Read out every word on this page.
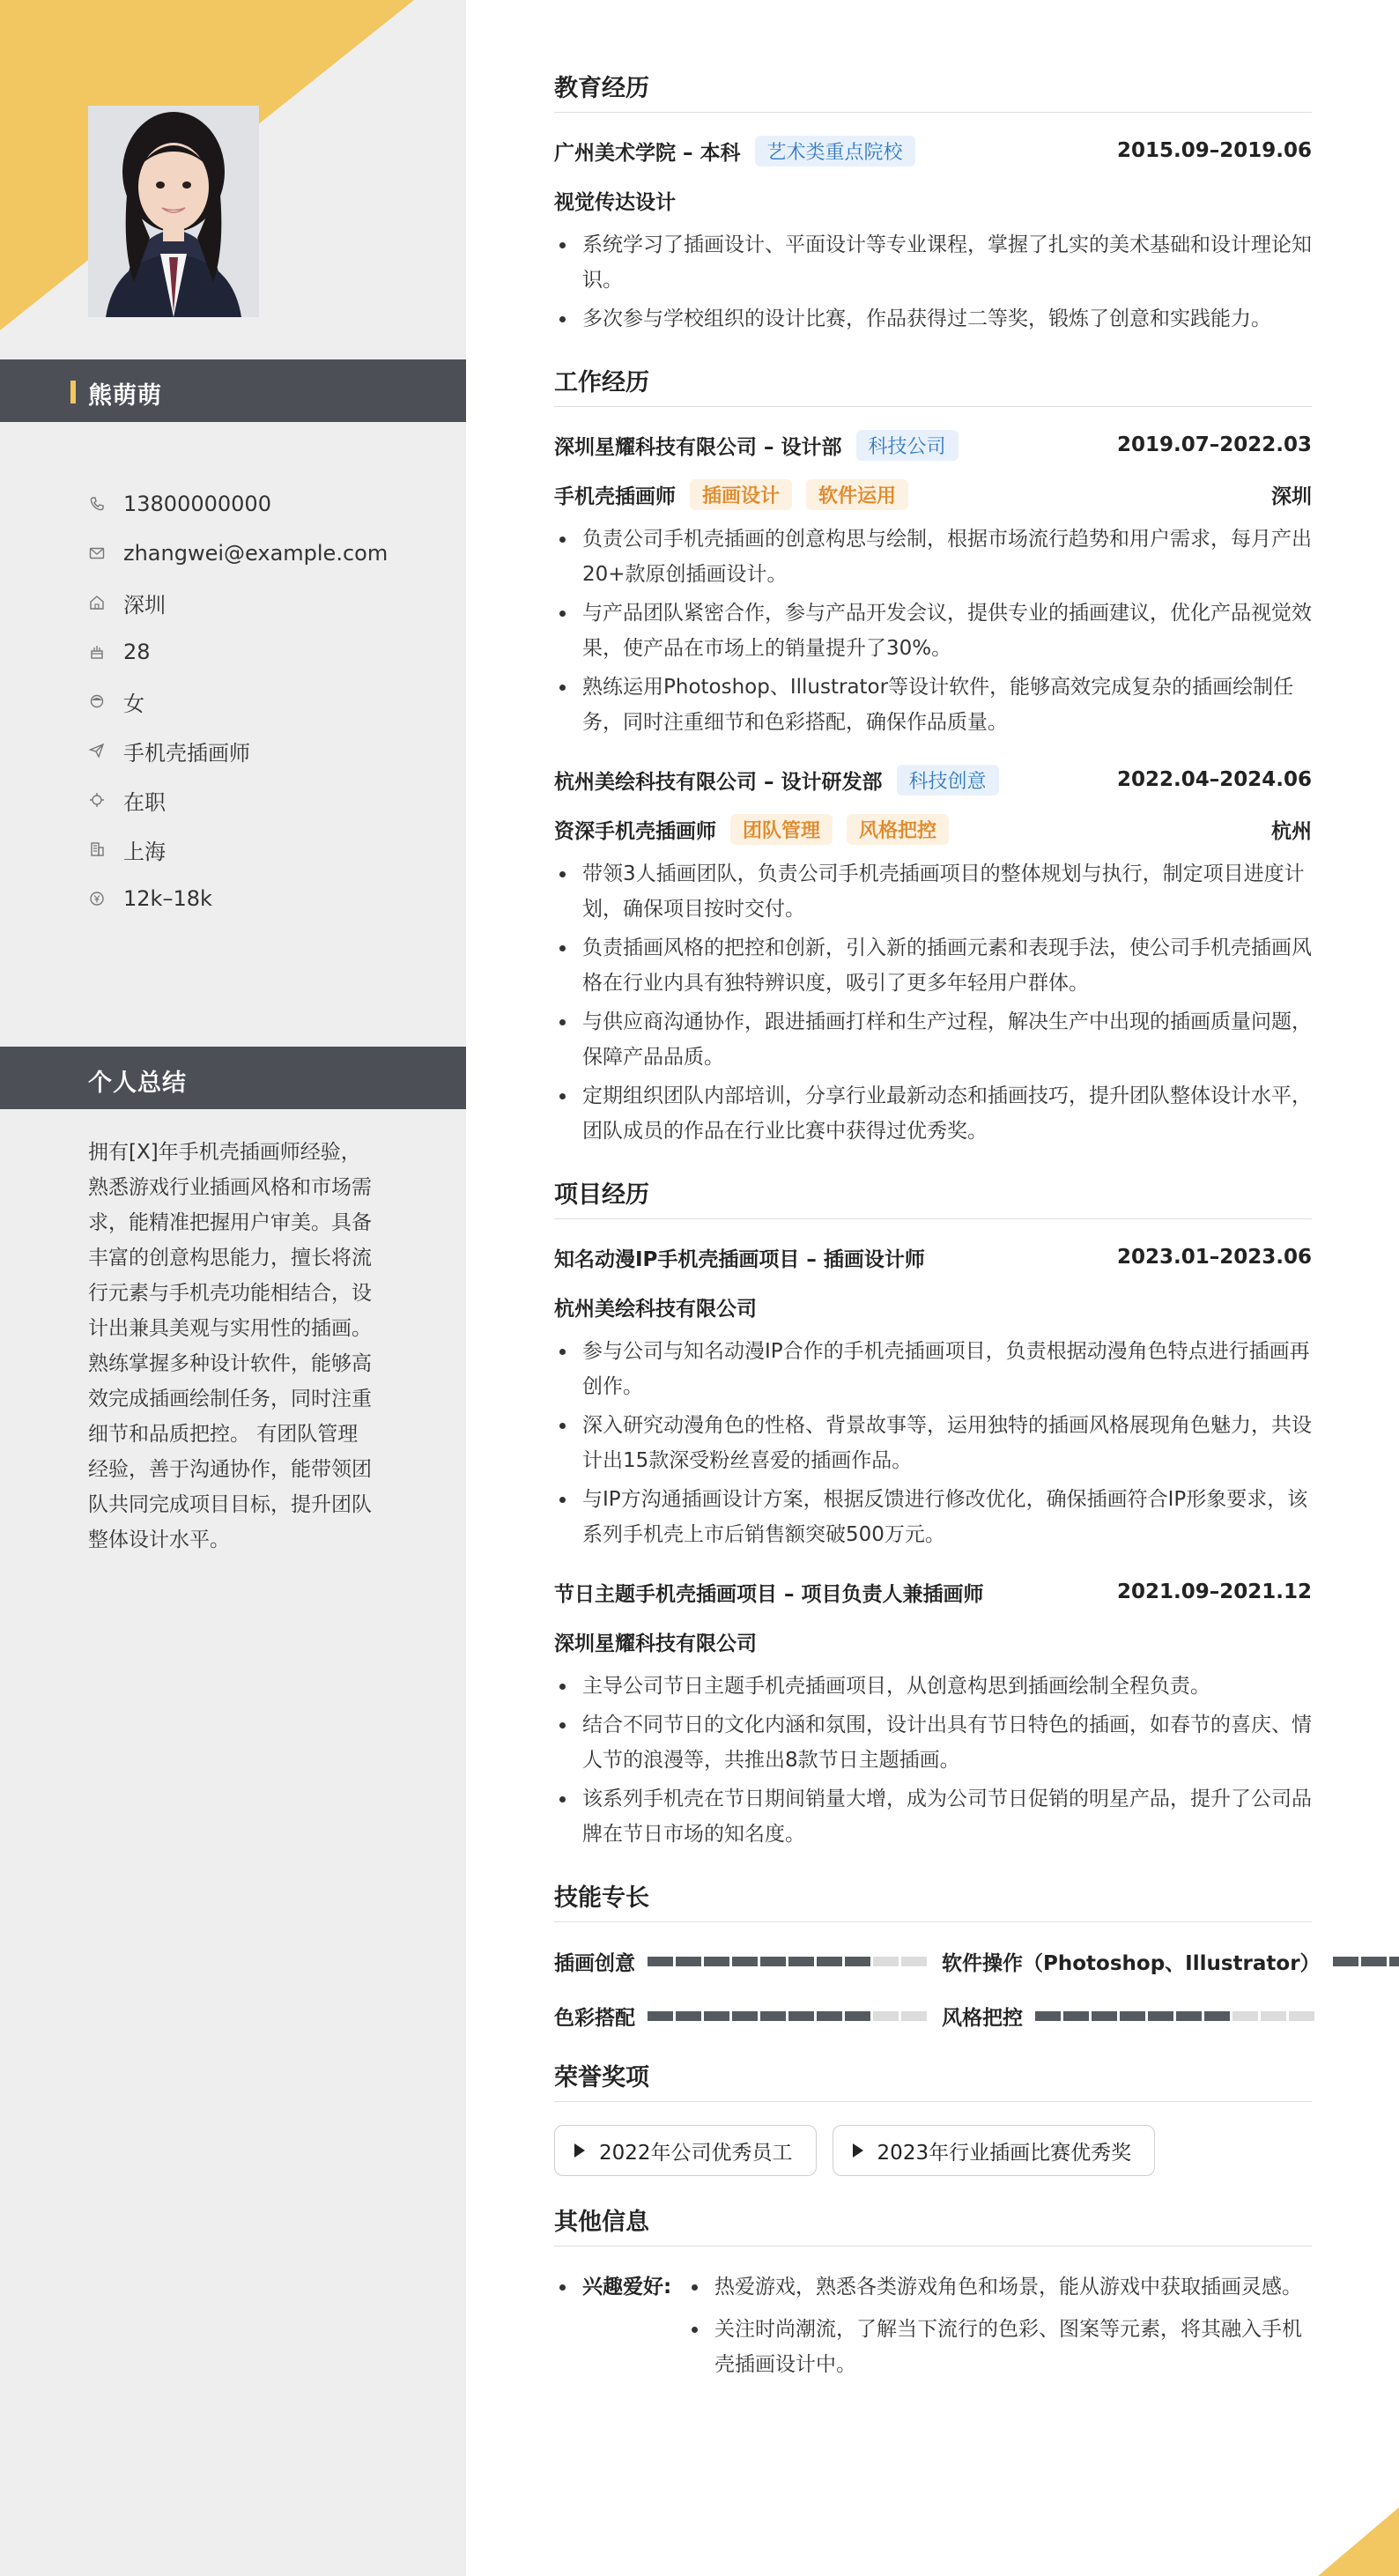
熊萌萌
13800000000
zhangwei@example.com
深圳
28
女
手机壳插画师
在职
上海
12k–18k
个人总结
拥有[X]年手机壳插画师经验，熟悉游戏行业插画风格和市场需求，能精准把握用户审美。具备丰富的创意构思能力，擅长将流行元素与手机壳功能相结合，设计出兼具美观与实用性的插画。 熟练掌握多种设计软件，能够高效完成插画绘制任务，同时注重细节和品质把控。 有团队管理经验，善于沟通协作，能带领团队共同完成项目目标，提升团队整体设计水平。
教育经历
广州美术学院 – 本科	艺术类重点院校	2015.09–2019.06
视觉传达设计
系统学习了插画设计、平面设计等专业课程，掌握了扎实的美术基础和设计理论知识。
多次参与学校组织的设计比赛，作品获得过二等奖，锻炼了创意和实践能力。
工作经历
深圳星耀科技有限公司 – 设计部	科技公司	2019.07–2022.03
手机壳插画师	插画设计	软件运用	深圳
负责公司手机壳插画的创意构思与绘制，根据市场流行趋势和用户需求，每月产出20+款原创插画设计。
与产品团队紧密合作，参与产品开发会议，提供专业的插画建议，优化产品视觉效果，使产品在市场上的销量提升了30%。
熟练运用Photoshop、Illustrator等设计软件，能够高效完成复杂的插画绘制任务，同时注重细节和色彩搭配，确保作品质量。
杭州美绘科技有限公司 – 设计研发部	科技创意	2022.04–2024.06
资深手机壳插画师	团队管理	风格把控	杭州
带领3人插画团队，负责公司手机壳插画项目的整体规划与执行，制定项目进度计划，确保项目按时交付。
负责插画风格的把控和创新，引入新的插画元素和表现手法，使公司手机壳插画风格在行业内具有独特辨识度，吸引了更多年轻用户群体。
与供应商沟通协作，跟进插画打样和生产过程，解决生产中出现的插画质量问题，保障产品品质。
定期组织团队内部培训，分享行业最新动态和插画技巧，提升团队整体设计水平，团队成员的作品在行业比赛中获得过优秀奖。
项目经历
知名动漫IP手机壳插画项目 – 插画设计师	2023.01–2023.06
杭州美绘科技有限公司
参与公司与知名动漫IP合作的手机壳插画项目，负责根据动漫角色特点进行插画再创作。
深入研究动漫角色的性格、背景故事等，运用独特的插画风格展现角色魅力，共设计出15款深受粉丝喜爱的插画作品。
与IP方沟通插画设计方案，根据反馈进行修改优化，确保插画符合IP形象要求，该系列手机壳上市后销售额突破500万元。
节日主题手机壳插画项目 – 项目负责人兼插画师	2021.09–2021.12
深圳星耀科技有限公司
主导公司节日主题手机壳插画项目，从创意构思到插画绘制全程负责。
结合不同节日的文化内涵和氛围，设计出具有节日特色的插画，如春节的喜庆、情人节的浪漫等，共推出8款节日主题插画。
该系列手机壳在节日期间销量大增，成为公司节日促销的明星产品，提升了公司品牌在节日市场的知名度。
技能专长
插画创意	软件操作（Photoshop、Illustrator）
色彩搭配	风格把控
荣誉奖项
2022年公司优秀员工	2023年行业插画比赛优秀奖
其他信息
兴趣爱好:	热爱游戏，熟悉各类游戏角色和场景，能从游戏中获取插画灵感。
关注时尚潮流，了解当下流行的色彩、图案等元素，将其融入手机壳插画设计中。
